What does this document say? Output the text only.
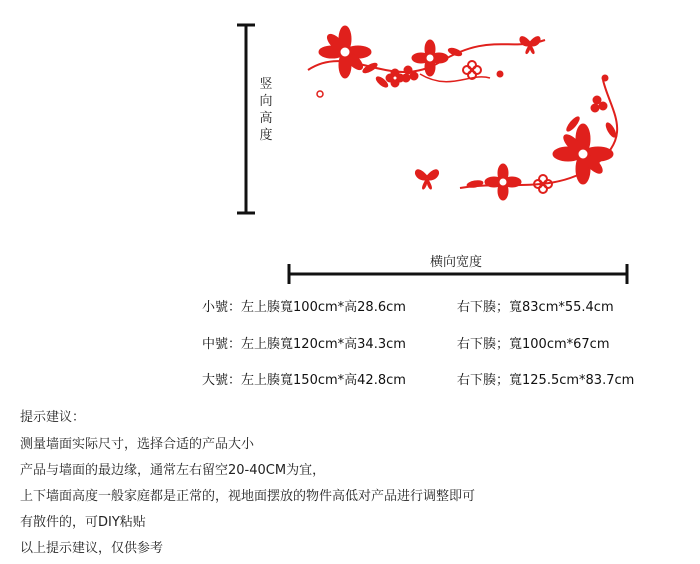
竖
向
高
度
横向宽度
小號：左上腠寬100cm*高28.6cm	右下腠；寬83cm*55.4cm
中號：左上腠寬120cm*高34.3cm	右下腠；寬100cm*67cm
大號：左上腠寬150cm*高42.8cm	右下腠；寬125.5cm*83.7cm
提示建议：
测量墙面实际尺寸，选择合适的产品大小
产品与墙面的最边缘，通常左右留空20-40CM为宜，
上下墙面高度一般家庭都是正常的，视地面摆放的物件高低对产品进行调整即可
有散件的，可DIY粘贴
以上提示建议，仅供参考
